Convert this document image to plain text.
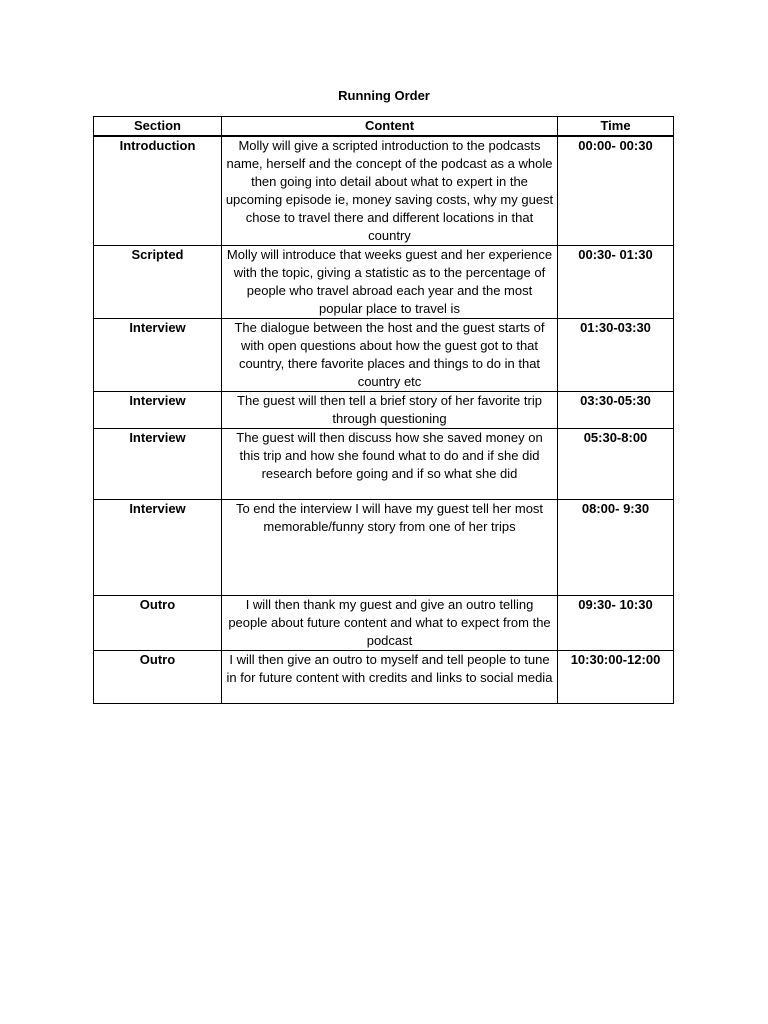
Running Order
Section	Content	Time
Introduction	Molly will give a scripted introduction to the podcasts name, herself and the concept of the podcast as a whole then going into detail about what to expert in the upcoming episode ie, money saving costs, why my guest chose to travel there and different locations in that country	00:00- 00:30
Scripted	Molly will introduce that weeks guest and her experience with the topic, giving a statistic as to the percentage of people who travel abroad each year and the most popular place to travel is	00:30- 01:30
Interview	The dialogue between the host and the guest starts of with open questions about how the guest got to that country, there favorite places and things to do in that country etc	01:30-03:30
Interview	The guest will then tell a brief story of her favorite trip through questioning	03:30-05:30
Interview	The guest will then discuss how she saved money on this trip and how she found what to do and if she did research before going and if so what she did	05:30-8:00
Interview	To end the interview I will have my guest tell her most memorable/funny story from one of her trips	08:00- 9:30
Outro	I will then thank my guest and give an outro telling people about future content and what to expect from the podcast	09:30- 10:30
Outro	I will then give an outro to myself and tell people to tune in for future content with credits and links to social media	10:30:00-12:00
